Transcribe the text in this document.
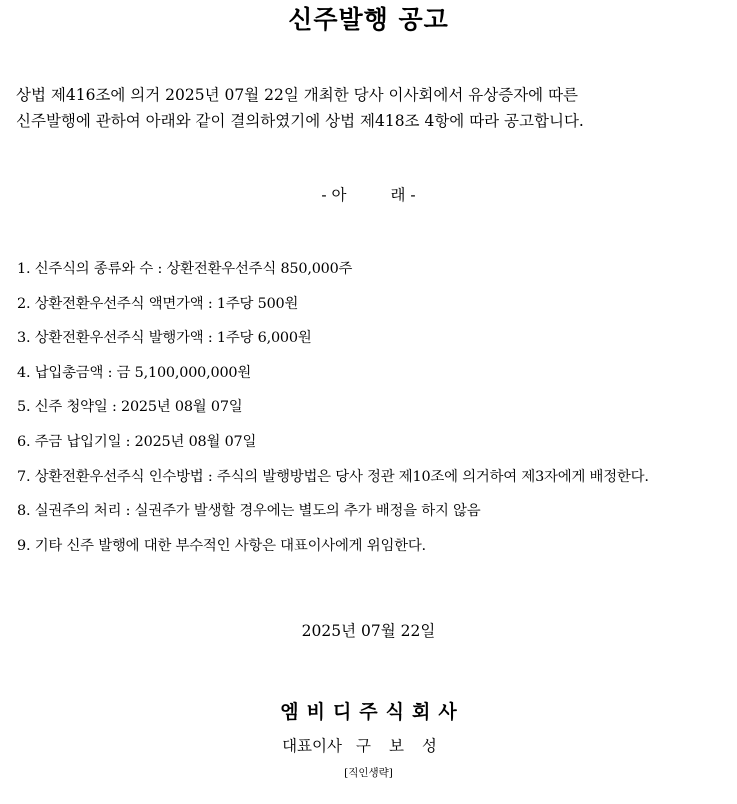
신주발행 공고
상법 제416조에 의거 2025년 07월 22일 개최한 당사 이사회에서 유상증자에 따른
신주발행에 관하여 아래와 같이 결의하였기에 상법 제418조 4항에 따라 공고합니다.
- 아	래 -
1. 신주식의 종류와 수 : 상환전환우선주식 850,000주
2. 상환전환우선주식 액면가액 : 1주당 500원
3. 상환전환우선주식 발행가액 : 1주당 6,000원
4. 납입총금액 : 금 5,100,000,000원
5. 신주 청약일 : 2025년 08월 07일
6. 주금 납입기일 : 2025년 08월 07일
7. 상환전환우선주식 인수방법 : 주식의 발행방법은 당사 정관 제10조에 의거하여 제3자에게 배정한다.
8. 실권주의 처리 : 실권주가 발생할 경우에는 별도의 추가 배정을 하지 않음
9. 기타 신주 발행에 대한 부수적인 사항은 대표이사에게 위임한다.
2025년 07월 22일
엠비디주식회사
대표이사 구보성
[직인생략]
